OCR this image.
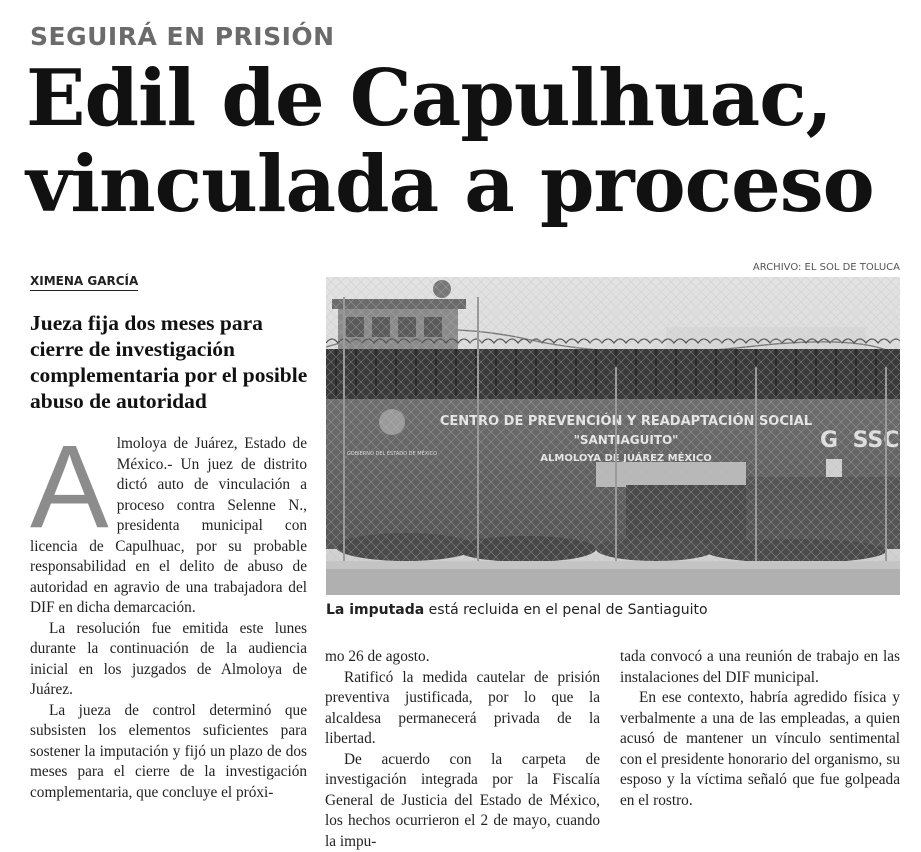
SEGUIRÁ EN PRISIÓN
Edil de Capulhuac, vinculada a proceso
XIMENA GARCÍA
ARCHIVO: EL SOL DE TOLUCA
Jueza fija dos meses para cierre de investigación complementaria por el posible abuso de autoridad
La imputada está recluida en el penal de Santiaguito

Almoloya de Juárez, Estado de México.- Un juez de distrito dictó auto de vinculación a proceso contra Selenne N., presidenta municipal con licencia de Capulhuac, por su probable responsabilidad en el delito de abuso de autoridad en agravio de una trabajadora del DIF en dicha demarcación.

La resolución fue emitida este lunes durante la continuación de la audiencia inicial en los juzgados de Almoloya de Juárez.

La jueza de control determinó que subsisten los elementos suficientes para sostener la imputación y fijó un plazo de dos meses para el cierre de la investigación complementaria, que concluye el próxi-

mo 26 de agosto.

Ratificó la medida cautelar de prisión preventiva justificada, por lo que la alcaldesa permanecerá privada de la libertad.

De acuerdo con la carpeta de investigación integrada por la Fiscalía General de Justicia del Estado de México, los hechos ocurrieron el 2 de mayo, cuando la impu-

tada convocó a una reunión de trabajo en las instalaciones del DIF municipal.

En ese contexto, habría agredido física y verbalmente a una de las empleadas, a quien acusó de mantener un vínculo sentimental con el presidente honorario del organismo, su esposo y la víctima señaló que fue golpeada en el rostro.
